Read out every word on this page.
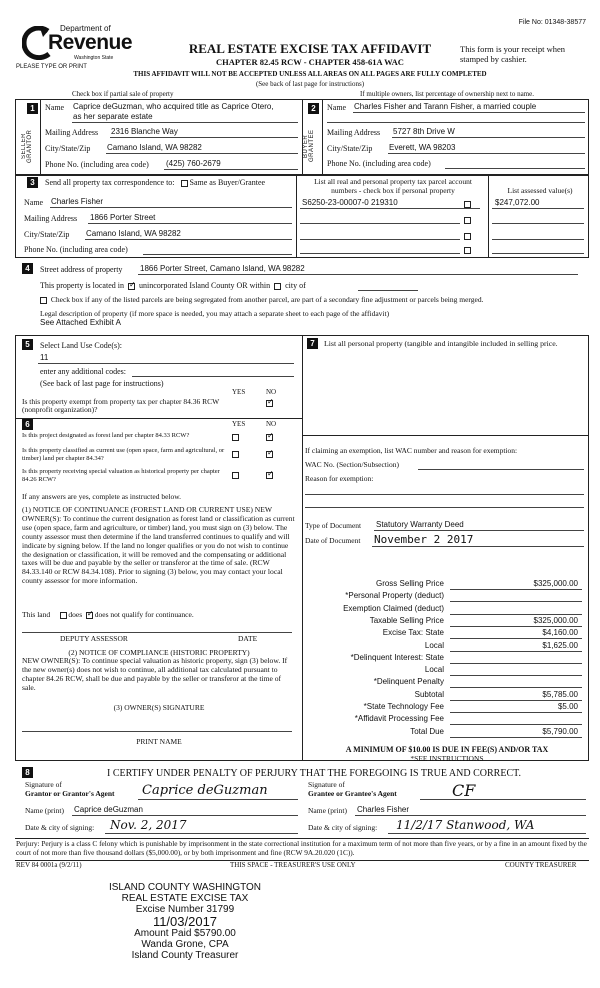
File No: 01348-38577
Department of
Revenue
Washington State
PLEASE TYPE OR PRINT
REAL ESTATE EXCISE TAX AFFIDAVIT
CHAPTER 82.45 RCW - CHAPTER 458-61A WAC
This form is your receipt when stamped by cashier.
THIS AFFIDAVIT WILL NOT BE ACCEPTED UNLESS ALL AREAS ON ALL PAGES ARE FULLY COMPLETED
(See back of last page for instructions)
Check box if partial sale of property	If multiple owners, list percentage of ownership next to name.
1
SELLER GRANTOR
Name Caprice deGuzman, who acquired title as Caprice Otero,
as her separate estate
Mailing Address 2316 Blanche Way
City/State/Zip Camano Island, WA 98282
Phone No. (including area code) (425) 760-2679
2
BUYER GRANTEE
Name Charles Fisher and Tarann Fisher, a married couple
Mailing Address 5727 8th Drive W
City/State/Zip Everett, WA 98203
Phone No. (including area code)
3	Send all property tax correspondence to: Same as Buyer/Grantee
Name Charles Fisher
Mailing Address 1866 Porter Street
City/State/Zip Camano Island, WA 98282
Phone No. (including area code)
List all real and personal property tax parcel account
numbers - check box if personal property	List assessed value(s)
S6250-23-00007-0 219310	$247,072.00
4	Street address of property 1866 Porter Street, Camano Island, WA 98282
This property is located in ✓ unincorporated Island County OR within city of
Check box if any of the listed parcels are being segregated from another parcel, are part of a secondary fine adjustment or parcels being merged.
Legal description of property (if more space is needed, you may attach a separate sheet to each page of the affidavit)
See Attached Exhibit A
5	Select Land Use Code(s):
11
enter any additional codes:
(See back of last page for instructions)
YES	NO
Is this property exempt from property tax per chapter 84.36 RCW (nonprofit organization)?
✓
6	YES	NO
Is this project designated as forest land per chapter 84.33 RCW?
✓
Is this property classified as current use (open space, farm and agricultural, or timber) land per chapter 84.34?
✓
Is this property receiving special valuation as historical property per chapter 84.26 RCW?
✓
If any answers are yes, complete as instructed below.
(1) NOTICE OF CONTINUANCE (FOREST LAND OR CURRENT USE) NEW OWNER(S): To continue the current designation as forest land or classification as current use (open space, farm and agriculture, or timber) land, you must sign on (3) below. The county assessor must then determine if the land transferred continues to qualify and will indicate by signing below. If the land no longer qualifies or you do not wish to continue the designation or classification, it will be removed and the compensating or additional taxes will be due and payable by the seller or transferor at the time of sale. (RCW 84.33.140 or RCW 84.34.108). Prior to signing (3) below, you may contact your local county assessor for more information.
This land does ✓ does not qualify for continuance.
DEPUTY ASSESSOR	DATE
(2) NOTICE OF COMPLIANCE (HISTORIC PROPERTY)
NEW OWNER(S): To continue special valuation as historic property, sign (3) below. If the new owner(s) does not wish to continue, all additional tax calculated pursuant to chapter 84.26 RCW, shall be due and payable by the seller or transferor at the time of sale.
(3) OWNER(S) SIGNATURE
PRINT NAME
7	List all personal property (tangible and intangible included in selling price.
If claiming an exemption, list WAC number and reason for exemption:
WAC No. (Section/Subsection)
Reason for exemption:
Type of Document Statutory Warranty Deed
Date of Document November 2 2017
Gross Selling Price	$325,000.00
*Personal Property (deduct)
Exemption Claimed (deduct)
Taxable Selling Price	$325,000.00
Excise Tax: State	$4,160.00
Local	$1,625.00
*Delinquent Interest: State
Local
*Delinquent Penalty
Subtotal	$5,785.00
*State Technology Fee	$5.00
*Affidavit Processing Fee
Total Due	$5,790.00
A MINIMUM OF $10.00 IS DUE IN FEE(S) AND/OR TAX
*SEE INSTRUCTIONS
8	I CERTIFY UNDER PENALTY OF PERJURY THAT THE FOREGOING IS TRUE AND CORRECT.
Signature of
Grantor or Grantor's Agent Caprice deGuzman
Name (print) Caprice deGuzman
Date & city of signing: Nov. 2, 2017
Signature of
Grantee or Grantee's Agent	CF
Name (print) Charles Fisher
Date & city of signing: 11/2/17 Stanwood, WA
Perjury: Perjury is a class C felony which is punishable by imprisonment in the state correctional institution for a maximum term of not more than five years, or by a fine in an amount fixed by the court of not more than five thousand dollars ($5,000.00), or by both imprisonment and fine (RCW 9A.20.020 (1C)).
REV 84 0001a (9/2/11)	THIS SPACE - TREASURER'S USE ONLY	COUNTY TREASURER
ISLAND COUNTY WASHINGTON
REAL ESTATE EXCISE TAX
Excise Number 31799
11/03/2017
Amount Paid $5790.00
Wanda Grone, CPA
Island County Treasurer
